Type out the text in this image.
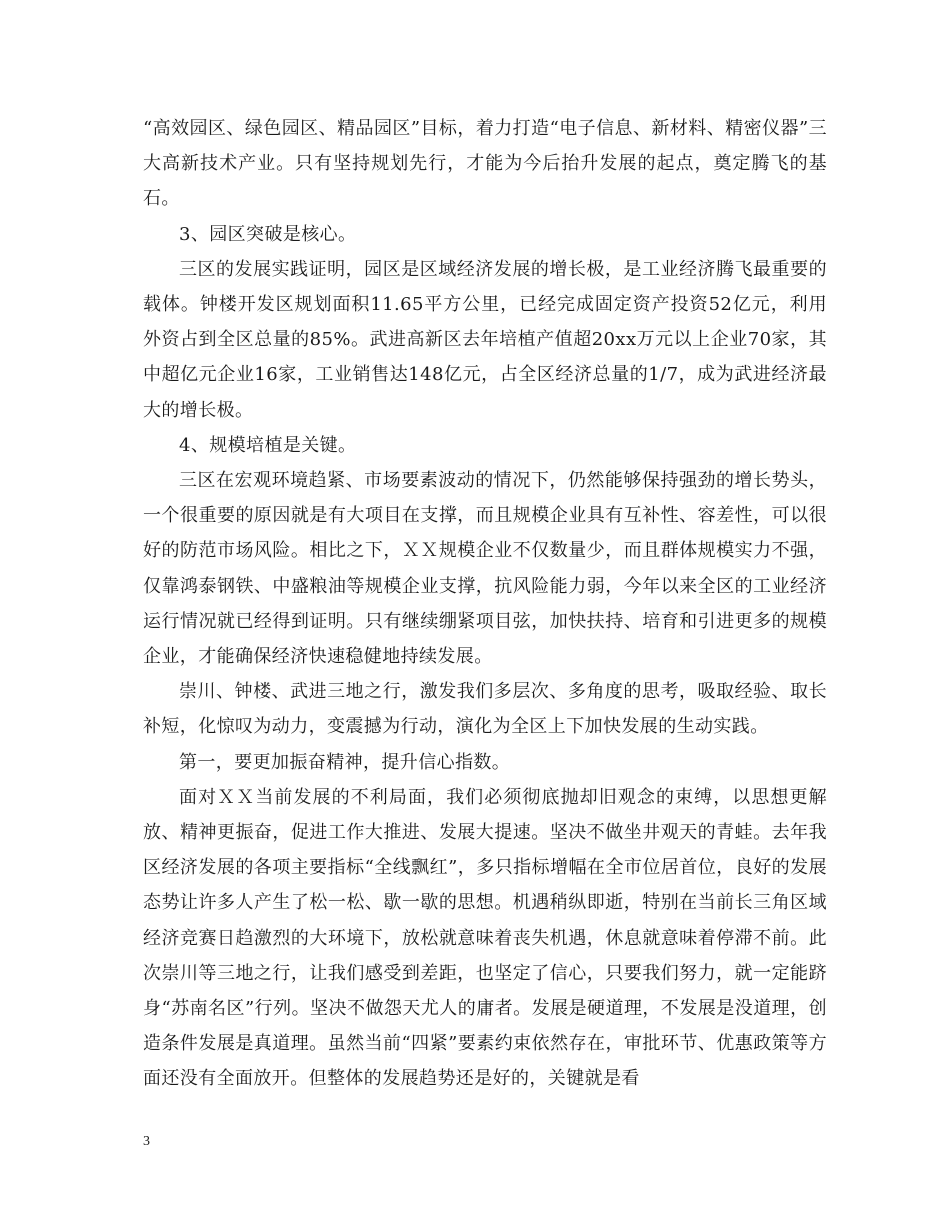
“高效园区、绿色园区、精品园区”目标，着力打造“电子信息、新材料、精密仪器”三大高新技术产业。只有坚持规划先行，才能为今后抬升发展的起点，奠定腾飞的基石。

3、园区突破是核心。

三区的发展实践证明，园区是区域经济发展的增长极，是工业经济腾飞最重要的载体。钟楼开发区规划面积11.65平方公里，已经完成固定资产投资52亿元，利用外资占到全区总量的85%。武进高新区去年培植产值超20xx万元以上企业70家，其中超亿元企业16家，工业销售达148亿元，占全区经济总量的1/7，成为武进经济最大的增长极。

4、规模培植是关键。

三区在宏观环境趋紧、市场要素波动的情况下，仍然能够保持强劲的增长势头，一个很重要的原因就是有大项目在支撑，而且规模企业具有互补性、容差性，可以很好的防范市场风险。相比之下，ＸＸ规模企业不仅数量少，而且群体规模实力不强，仅靠鸿泰钢铁、中盛粮油等规模企业支撑，抗风险能力弱，今年以来全区的工业经济运行情况就已经得到证明。只有继续绷紧项目弦，加快扶持、培育和引进更多的规模企业，才能确保经济快速稳健地持续发展。

崇川、钟楼、武进三地之行，激发我们多层次、多角度的思考，吸取经验、取长补短，化惊叹为动力，变震撼为行动，演化为全区上下加快发展的生动实践。

第一，要更加振奋精神，提升信心指数。

面对ＸＸ当前发展的不利局面，我们必须彻底抛却旧观念的束缚，以思想更解放、精神更振奋，促进工作大推进、发展大提速。坚决不做坐井观天的青蛙。去年我区经济发展的各项主要指标“全线飘红”，多只指标增幅在全市位居首位，良好的发展态势让许多人产生了松一松、歇一歇的思想。机遇稍纵即逝，特别在当前长三角区域经济竞赛日趋激烈的大环境下，放松就意味着丧失机遇，休息就意味着停滞不前。此次崇川等三地之行，让我们感受到差距，也坚定了信心，只要我们努力，就一定能跻身“苏南名区”行列。坚决不做怨天尤人的庸者。发展是硬道理，不发展是没道理，创造条件发展是真道理。虽然当前“四紧”要素约束依然存在，审批环节、优惠政策等方面还没有全面放开。但整体的发展趋势还是好的，关键就是看

3
